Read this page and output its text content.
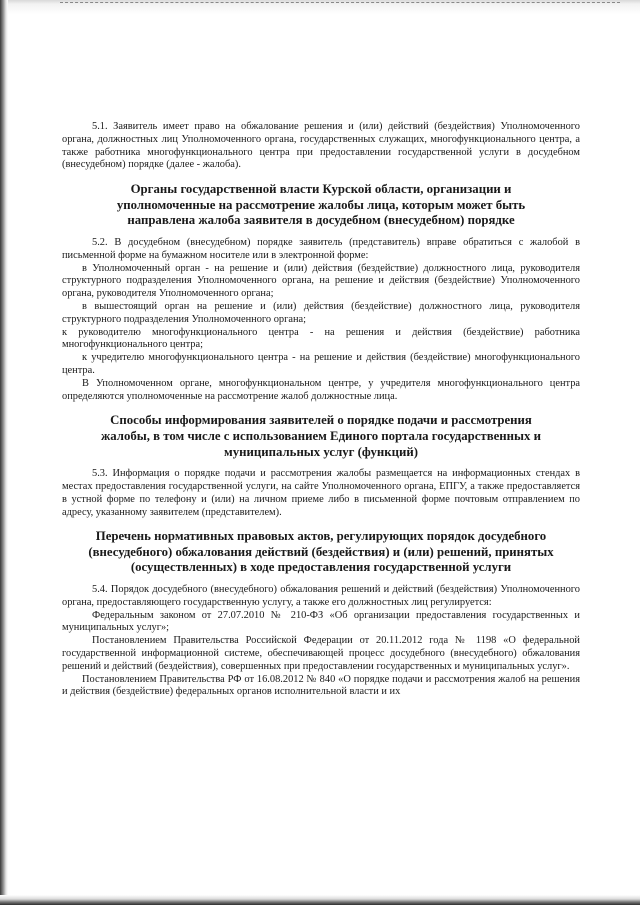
5.1. Заявитель имеет право на обжалование решения и (или) действий (бездействия) Уполномоченного органа, должностных лиц Уполномоченного органа, государственных служащих, многофункционального центра, а также работника многофункционального центра при предоставлении государственной услуги в досудебном (внесудебном) порядке (далее - жалоба).

Органы государственной власти Курской области, организации и уполномоченные на рассмотрение жалобы лица, которым может быть направлена жалоба заявителя в досудебном (внесудебном) порядке

5.2. В досудебном (внесудебном) порядке заявитель (представитель) вправе обратиться с жалобой в письменной форме на бумажном носителе или в электронной форме:

в Уполномоченный орган - на решение и (или) действия (бездействие) должностного лица, руководителя структурного подразделения Уполномоченного органа, на решение и действия (бездействие) Уполномоченного органа, руководителя Уполномоченного органа;

в вышестоящий орган на решение и (или) действия (бездействие) должностного лица, руководителя структурного подразделения Уполномоченного органа;

к руководителю многофункционального центра - на решения и действия (бездействие) работника многофункционального центра;

к учредителю многофункционального центра - на решение и действия (бездействие) многофункционального центра.

В Уполномоченном органе, многофункциональном центре, у учредителя многофункционального центра определяются уполномоченные на рассмотрение жалоб должностные лица.

Способы информирования заявителей о порядке подачи и рассмотрения жалобы, в том числе с использованием Единого портала государственных и муниципальных услуг (функций)

5.3. Информация о порядке подачи и рассмотрения жалобы размещается на информационных стендах в местах предоставления государственной услуги, на сайте Уполномоченного органа, ЕПГУ, а также предоставляется в устной форме по телефону и (или) на личном приеме либо в письменной форме почтовым отправлением по адресу, указанному заявителем (представителем).

Перечень нормативных правовых актов, регулирующих порядок досудебного (внесудебного) обжалования действий (бездействия) и (или) решений, принятых (осуществленных) в ходе предоставления государственной услуги

5.4. Порядок досудебного (внесудебного) обжалования решений и действий (бездействия) Уполномоченного органа, предоставляющего государственную услугу, а также его должностных лиц регулируется:

Федеральным законом от 27.07.2010 № 210-ФЗ «Об организации предоставления государственных и муниципальных услуг»;

Постановлением Правительства Российской Федерации от 20.11.2012 года № 1198 «О федеральной государственной информационной системе, обеспечивающей процесс досудебного (внесудебного) обжалования решений и действий (бездействия), совершенных при предоставлении государственных и муниципальных услуг».

Постановлением Правительства РФ от 16.08.2012 № 840 «О порядке подачи и рассмотрения жалоб на решения и действия (бездействие) федеральных органов исполнительной власти и их
